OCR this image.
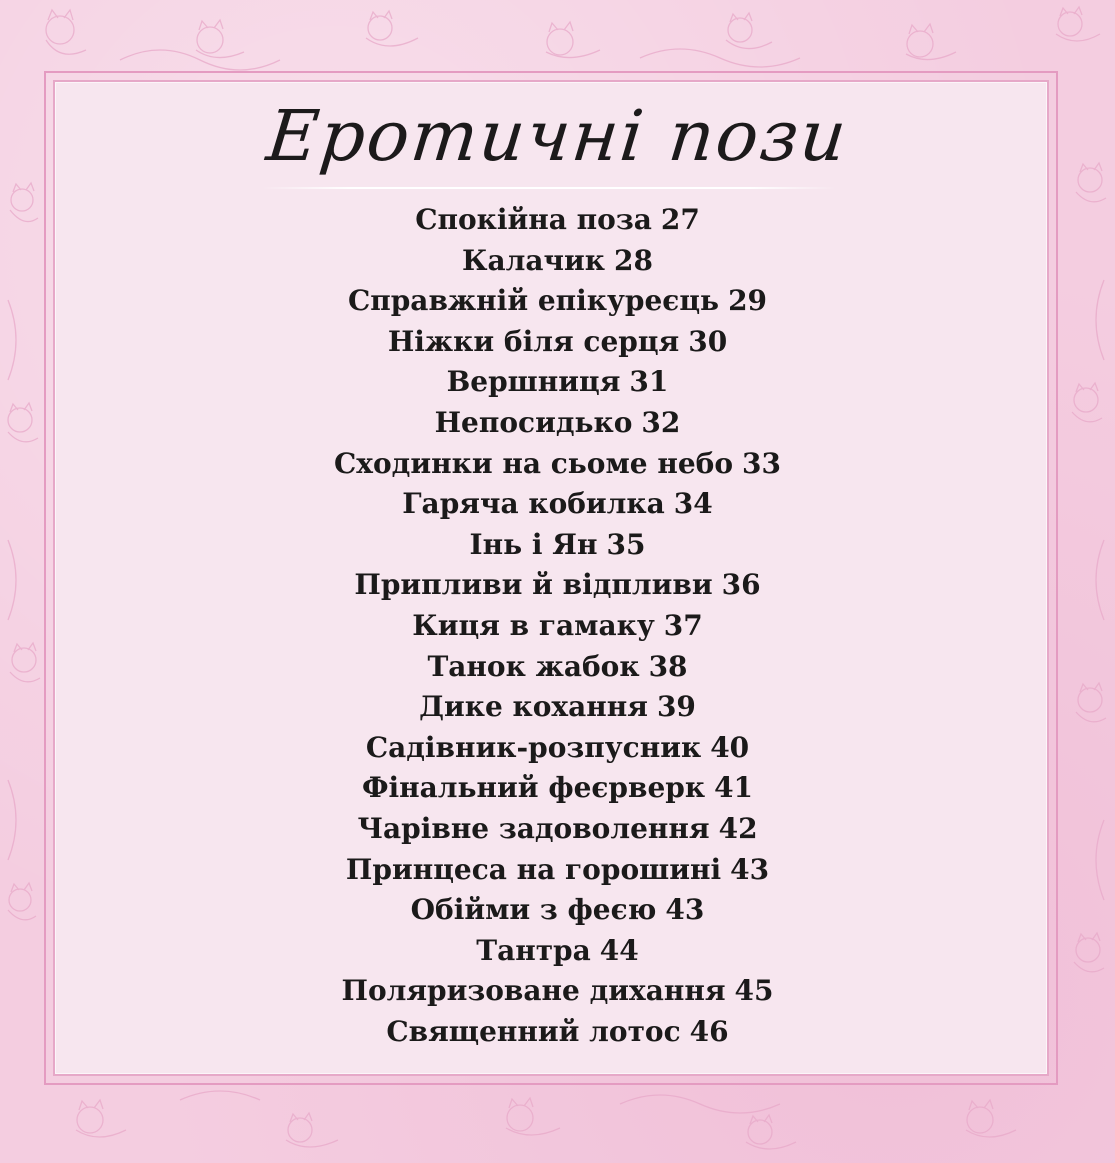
Еротичні пози
Спокійна поза 27
Калачик 28
Справжній епікуреєць 29
Ніжки біля серця 30
Вершниця 31
Непосидько 32
Сходинки на сьоме небо 33
Гаряча кобилка 34
Інь і Ян 35
Припливи й відпливи 36
Киця в гамаку 37
Танок жабок 38
Дике кохання 39
Садівник-розпусник 40
Фінальний феєрверк 41
Чарівне задоволення 42
Принцеса на горошині 43
Обійми з феєю 43
Тантра 44
Поляризоване дихання 45
Священний лотос 46
